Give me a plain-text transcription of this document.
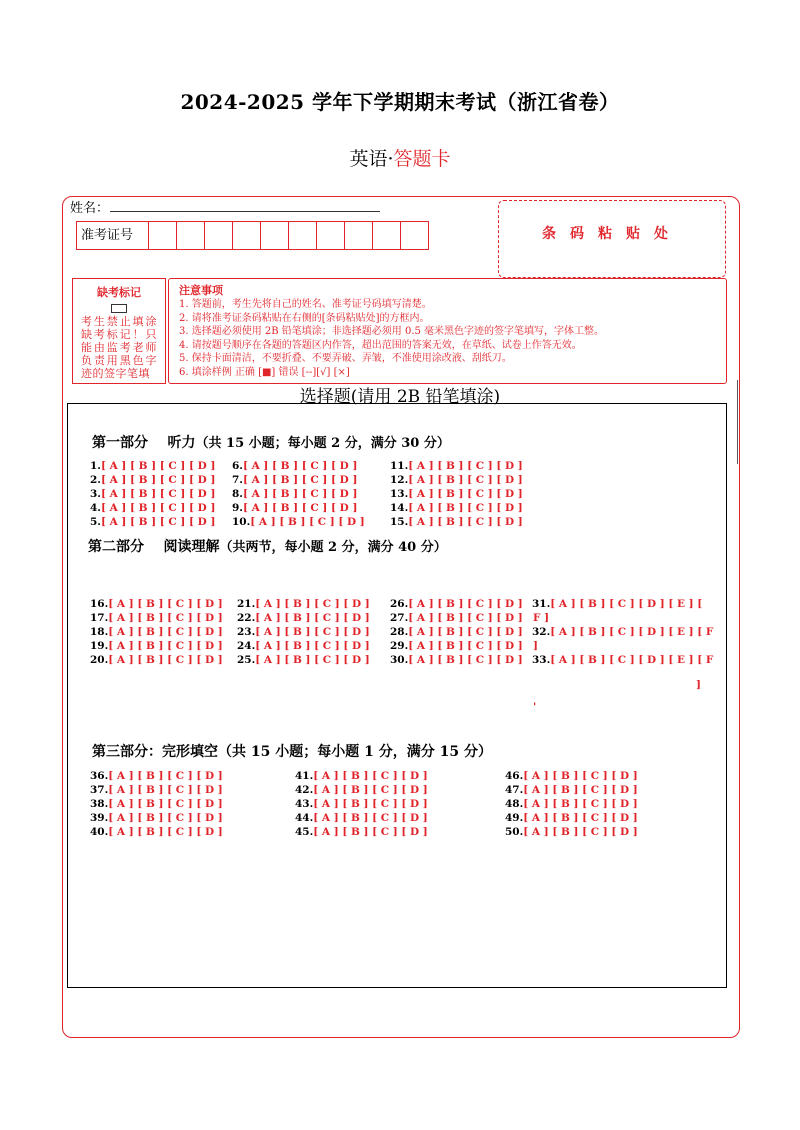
2024-2025 学年下学期期末考试（浙江省卷）
英语·答题卡
姓名：
准考证号	条码粘贴处
缺考标记
考生禁止填涂缺考标记！只能由监考老师负责用黑色字迹的签字笔填
注意事项
1. 答题前，考生先将自己的姓名、准考证号码填写清楚。
2. 请将准考证条码粘贴在右侧的[条码粘贴处]的方框内。
3. 选择题必须使用 2B 铅笔填涂；非选择题必须用 0.5 毫米黑色字迹的签字笔填写，字体工整。
4. 请按题号顺序在各题的答题区内作答，超出范围的答案无效，在草纸、试卷上作答无效。
5. 保持卡面清洁，不要折叠、不要弄破、弄皱，不准使用涂改液、刮纸刀。
6. 填涂样例 正确 [■] 错误 [--][√] [×]
选择题(请用 2B 铅笔填涂)
第一部分 听力（共 15 小题；每小题 2 分，满分 30 分）
1.[ A ] [ B ] [ C ] [ D ]
2.[ A ] [ B ] [ C ] [ D ]
3.[ A ] [ B ] [ C ] [ D ]
4.[ A ] [ B ] [ C ] [ D ]
5.[ A ] [ B ] [ C ] [ D ]
6.[ A ] [ B ] [ C ] [ D ]
7.[ A ] [ B ] [ C ] [ D ]
8.[ A ] [ B ] [ C ] [ D ]
9.[ A ] [ B ] [ C ] [ D ]
10.[ A ] [ B ] [ C ] [ D ]
11.[ A ] [ B ] [ C ] [ D ]
12.[ A ] [ B ] [ C ] [ D ]
13.[ A ] [ B ] [ C ] [ D ]
14.[ A ] [ B ] [ C ] [ D ]
15.[ A ] [ B ] [ C ] [ D ]
第二部分 阅读理解（共两节，每小题 2 分，满分 40 分）
16.[ A ] [ B ] [ C ] [ D ]
17.[ A ] [ B ] [ C ] [ D ]
18.[ A ] [ B ] [ C ] [ D ]
19.[ A ] [ B ] [ C ] [ D ]
20.[ A ] [ B ] [ C ] [ D ]
21.[ A ] [ B ] [ C ] [ D ]
22.[ A ] [ B ] [ C ] [ D ]
23.[ A ] [ B ] [ C ] [ D ]
24.[ A ] [ B ] [ C ] [ D ]
25.[ A ] [ B ] [ C ] [ D ]
26.[ A ] [ B ] [ C ] [ D ]
27.[ A ] [ B ] [ C ] [ D ]
28.[ A ] [ B ] [ C ] [ D ]
29.[ A ] [ B ] [ C ] [ D ]
30.[ A ] [ B ] [ C ] [ D ]
31.[ A ] [ B ] [ C ] [ D ] [ E ] [
F ]
32.[ A ] [ B ] [ C ] [ D ] [ E ] [ F
]
33.[ A ] [ B ] [ C ] [ D ] [ E ] [ F
]
'
第三部分：完形填空（共 15 小题；每小题 1 分，满分 15 分）
36.[ A ] [ B ] [ C ] [ D ]
37.[ A ] [ B ] [ C ] [ D ]
38.[ A ] [ B ] [ C ] [ D ]
39.[ A ] [ B ] [ C ] [ D ]
40.[ A ] [ B ] [ C ] [ D ]
41.[ A ] [ B ] [ C ] [ D ]
42.[ A ] [ B ] [ C ] [ D ]
43.[ A ] [ B ] [ C ] [ D ]
44.[ A ] [ B ] [ C ] [ D ]
45.[ A ] [ B ] [ C ] [ D ]
46.[ A ] [ B ] [ C ] [ D ]
47.[ A ] [ B ] [ C ] [ D ]
48.[ A ] [ B ] [ C ] [ D ]
49.[ A ] [ B ] [ C ] [ D ]
50.[ A ] [ B ] [ C ] [ D ]
